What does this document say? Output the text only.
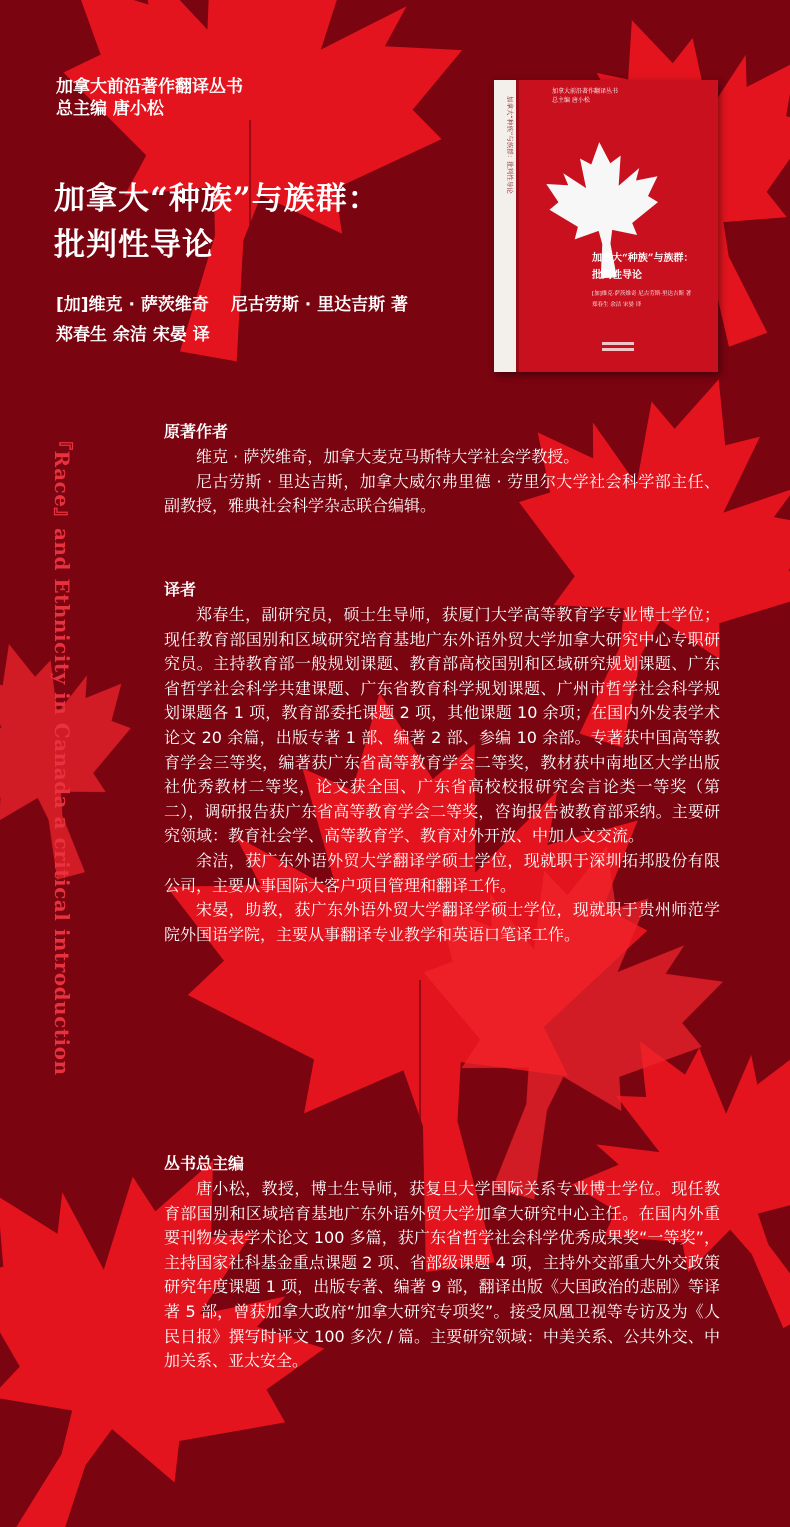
加拿大前沿著作翻译丛书
总主编 唐小松
加拿大“种族”与族群：
批判性导论
[加]维克 · 萨茨维奇 尼古劳斯 · 里达吉斯 著
郑春生 余洁 宋晏 译
加拿大前沿著作翻译丛书
总主编 唐小松
加拿大“种族”与族群：
批判性导论
[加]维克·萨茨维奇 尼古劳斯·里达吉斯 著
郑春生 余洁 宋晏 译
加拿大“种族”与族群：批判性导论
『Race』and Ethnicity in Canada a critical introduction
原著作者

维克 · 萨茨维奇，加拿大麦克马斯特大学社会学教授。

尼古劳斯 · 里达吉斯，加拿大威尔弗里德 · 劳里尔大学社会科学部主任、副教授，雅典社会科学杂志联合编辑。

译者

郑春生，副研究员，硕士生导师，获厦门大学高等教育学专业博士学位；现任教育部国别和区域研究培育基地广东外语外贸大学加拿大研究中心专职研究员。主持教育部一般规划课题、教育部高校国别和区域研究规划课题、广东省哲学社会科学共建课题、广东省教育科学规划课题、广州市哲学社会科学规划课题各 1 项，教育部委托课题 2 项，其他课题 10 余项；在国内外发表学术论文 20 余篇，出版专著 1 部、编著 2 部、参编 10 余部。专著获中国高等教育学会三等奖，编著获广东省高等教育学会二等奖，教材获中南地区大学出版社优秀教材二等奖，论文获全国、广东省高校校报研究会言论类一等奖（第二），调研报告获广东省高等教育学会二等奖，咨询报告被教育部采纳。主要研究领域：教育社会学、高等教育学、教育对外开放、中加人文交流。

余洁，获广东外语外贸大学翻译学硕士学位，现就职于深圳拓邦股份有限公司，主要从事国际大客户项目管理和翻译工作。

宋晏，助教，获广东外语外贸大学翻译学硕士学位，现就职于贵州师范学院外国语学院，主要从事翻译专业教学和英语口笔译工作。

丛书总主编

唐小松，教授，博士生导师，获复旦大学国际关系专业博士学位。现任教育部国别和区域培育基地广东外语外贸大学加拿大研究中心主任。在国内外重要刊物发表学术论文 100 多篇，获广东省哲学社会科学优秀成果奖“一等奖”，主持国家社科基金重点课题 2 项、省部级课题 4 项，主持外交部重大外交政策研究年度课题 1 项，出版专著、编著 9 部，翻译出版《大国政治的悲剧》等译著 5 部，曾获加拿大政府“加拿大研究专项奖”。接受凤凰卫视等专访及为《人民日报》撰写时评文 100 多次 / 篇。主要研究领域：中美关系、公共外交、中加关系、亚太安全。
